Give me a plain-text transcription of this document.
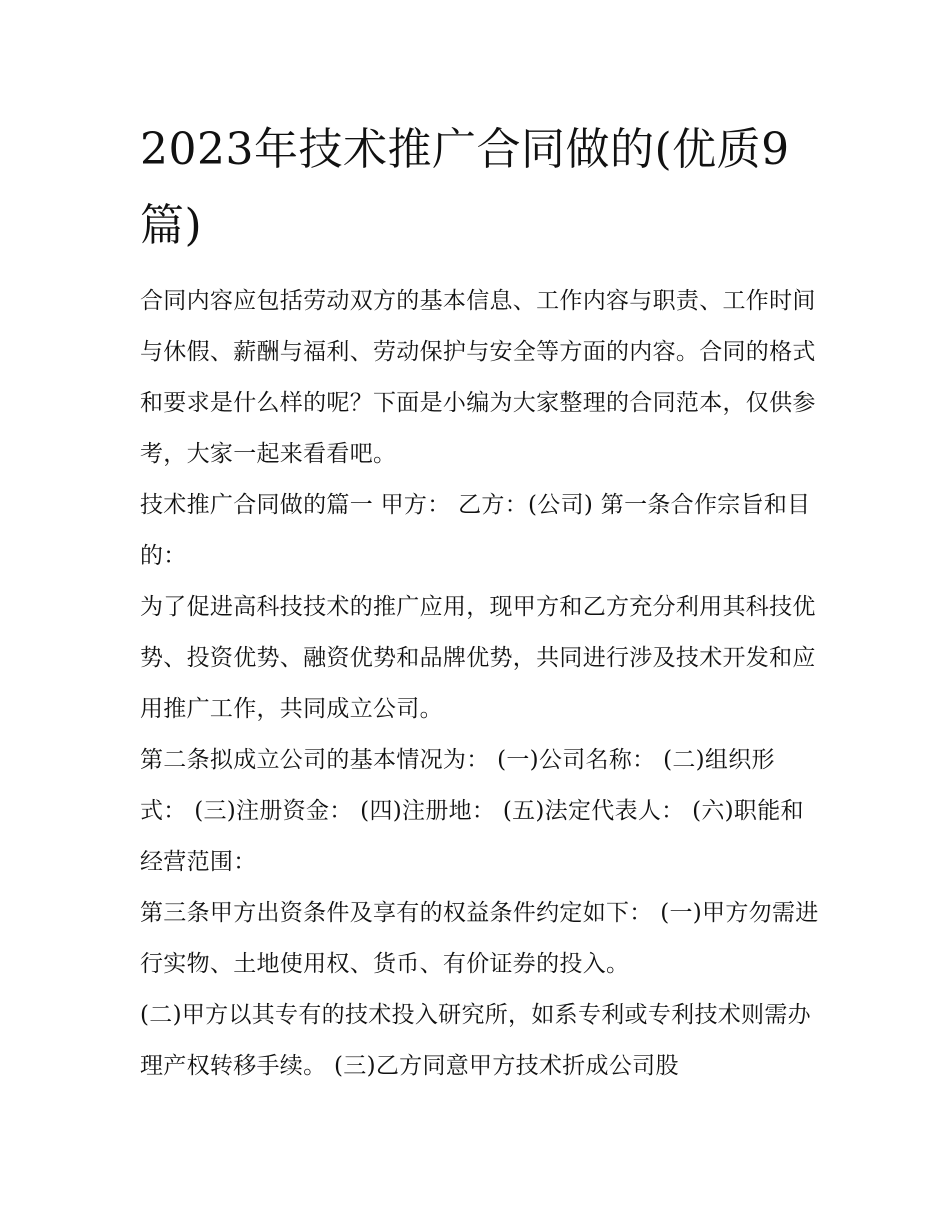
2023年技术推广合同做的(优质9篇)

合同内容应包括劳动双方的基本信息、工作内容与职责、工作时间与休假、薪酬与福利、劳动保护与安全等方面的内容。合同的格式和要求是什么样的呢？下面是小编为大家整理的合同范本，仅供参考，大家一起来看看吧。

技术推广合同做的篇一 甲方： 乙方：(公司) 第一条合作宗旨和目的：

为了促进高科技技术的推广应用，现甲方和乙方充分利用其科技优势、投资优势、融资优势和品牌优势，共同进行涉及技术开发和应用推广工作，共同成立公司。

第二条拟成立公司的基本情况为： (一)公司名称： (二)组织形式： (三)注册资金： (四)注册地： (五)法定代表人： (六)职能和经营范围：

第三条甲方出资条件及享有的权益条件约定如下： (一)甲方勿需进行实物、土地使用权、货币、有价证券的投入。

(二)甲方以其专有的技术投入研究所，如系专利或专利技术则需办理产权转移手续。 (三)乙方同意甲方技术折成公司股
